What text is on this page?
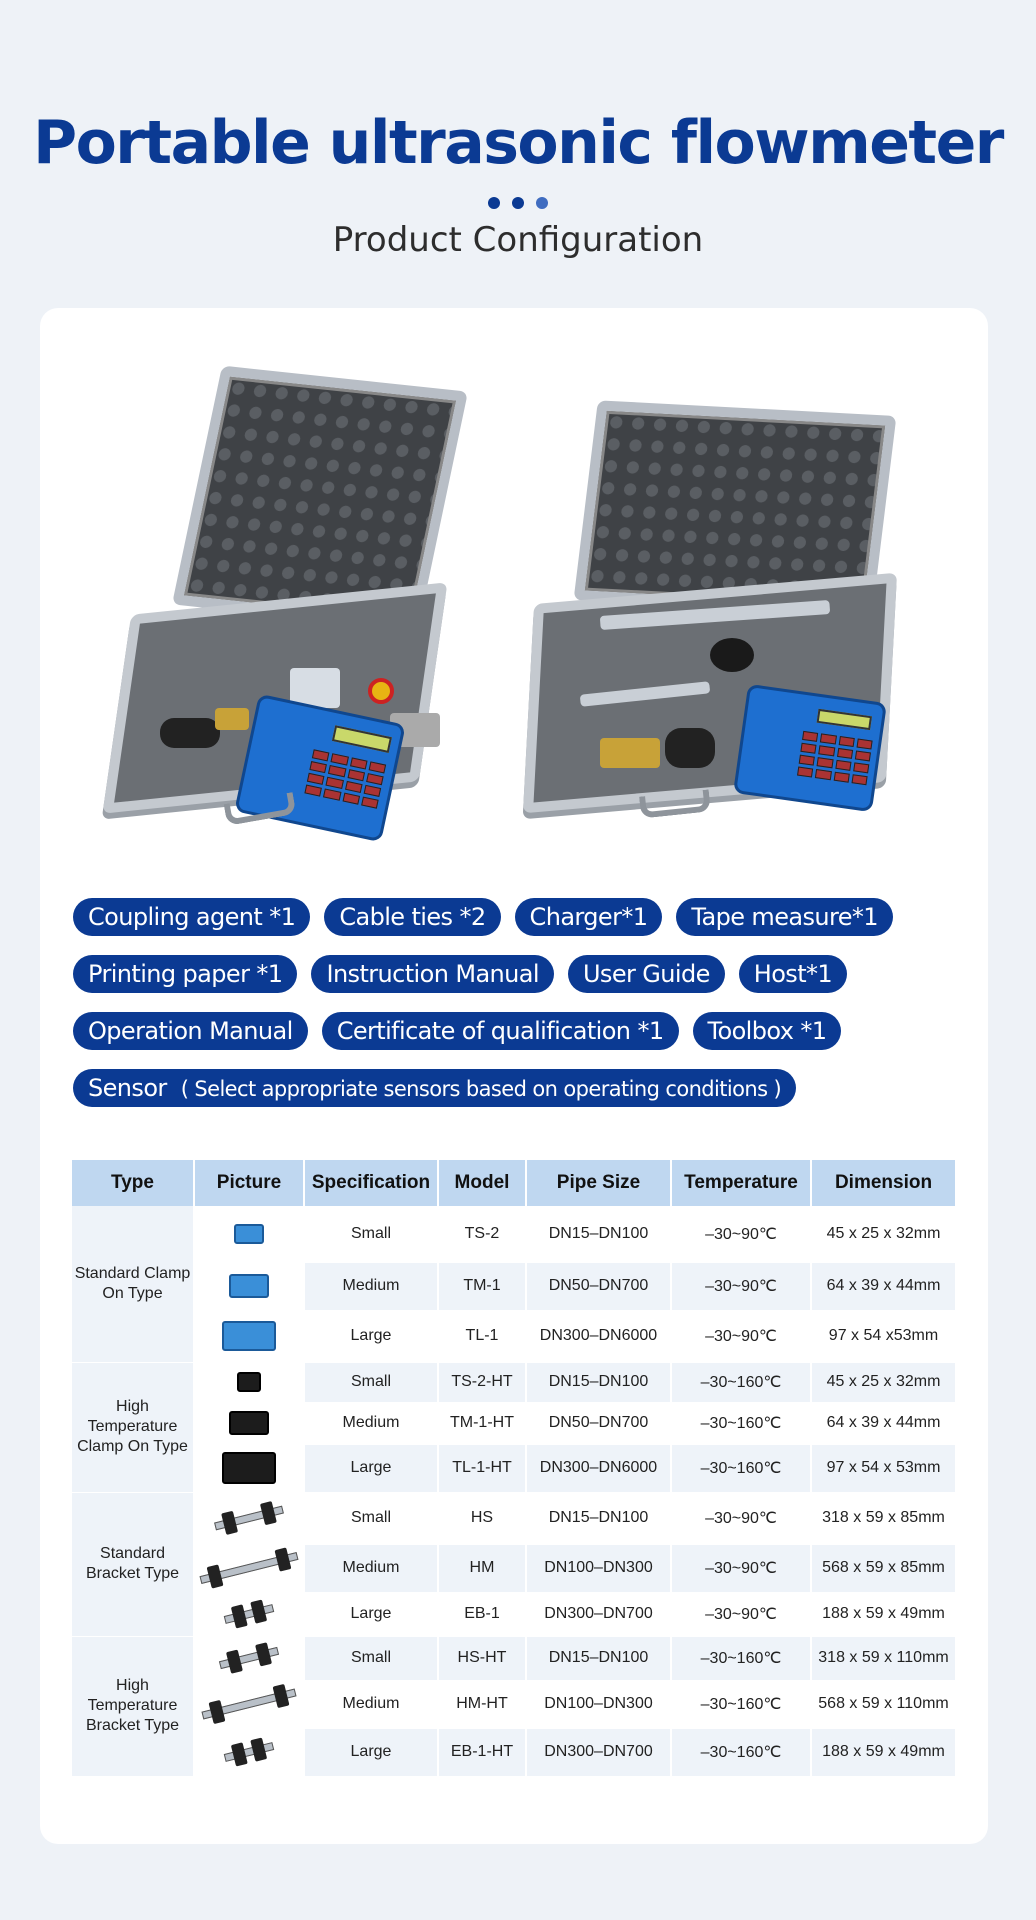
Portable ultrasonic flowmeter
Product Configuration
Coupling agent *1 Cable ties *2 Charger*1 Tape measure*1
Printing paper *1 Instruction Manual User Guide Host*1
Operation Manual Certificate of qualification *1 Toolbox *1
Sensor ( Select appropriate sensors based on operating conditions )
Type	Picture	Specification	Model	Pipe Size	Temperature	Dimension
Standard Clamp On Type		Small	TS-2	DN15–DN100	–30~90℃	45 x 25 x 32mm
		Medium	TM-1	DN50–DN700	–30~90℃	64 x 39 x 44mm
		Large	TL-1	DN300–DN6000	–30~90℃	97 x 54 x53mm
High Temperature Clamp On Type		Small	TS-2-HT	DN15–DN100	–30~160℃	45 x 25 x 32mm
		Medium	TM-1-HT	DN50–DN700	–30~160℃	64 x 39 x 44mm
		Large	TL-1-HT	DN300–DN6000	–30~160℃	97 x 54 x 53mm
Standard Bracket Type		Small	HS	DN15–DN100	–30~90℃	318 x 59 x 85mm
		Medium	HM	DN100–DN300	–30~90℃	568 x 59 x 85mm
		Large	EB-1	DN300–DN700	–30~90℃	188 x 59 x 49mm
High Temperature Bracket Type		Small	HS-HT	DN15–DN100	–30~160℃	318 x 59 x 110mm
		Medium	HM-HT	DN100–DN300	–30~160℃	568 x 59 x 110mm
		Large	EB-1-HT	DN300–DN700	–30~160℃	188 x 59 x 49mm
